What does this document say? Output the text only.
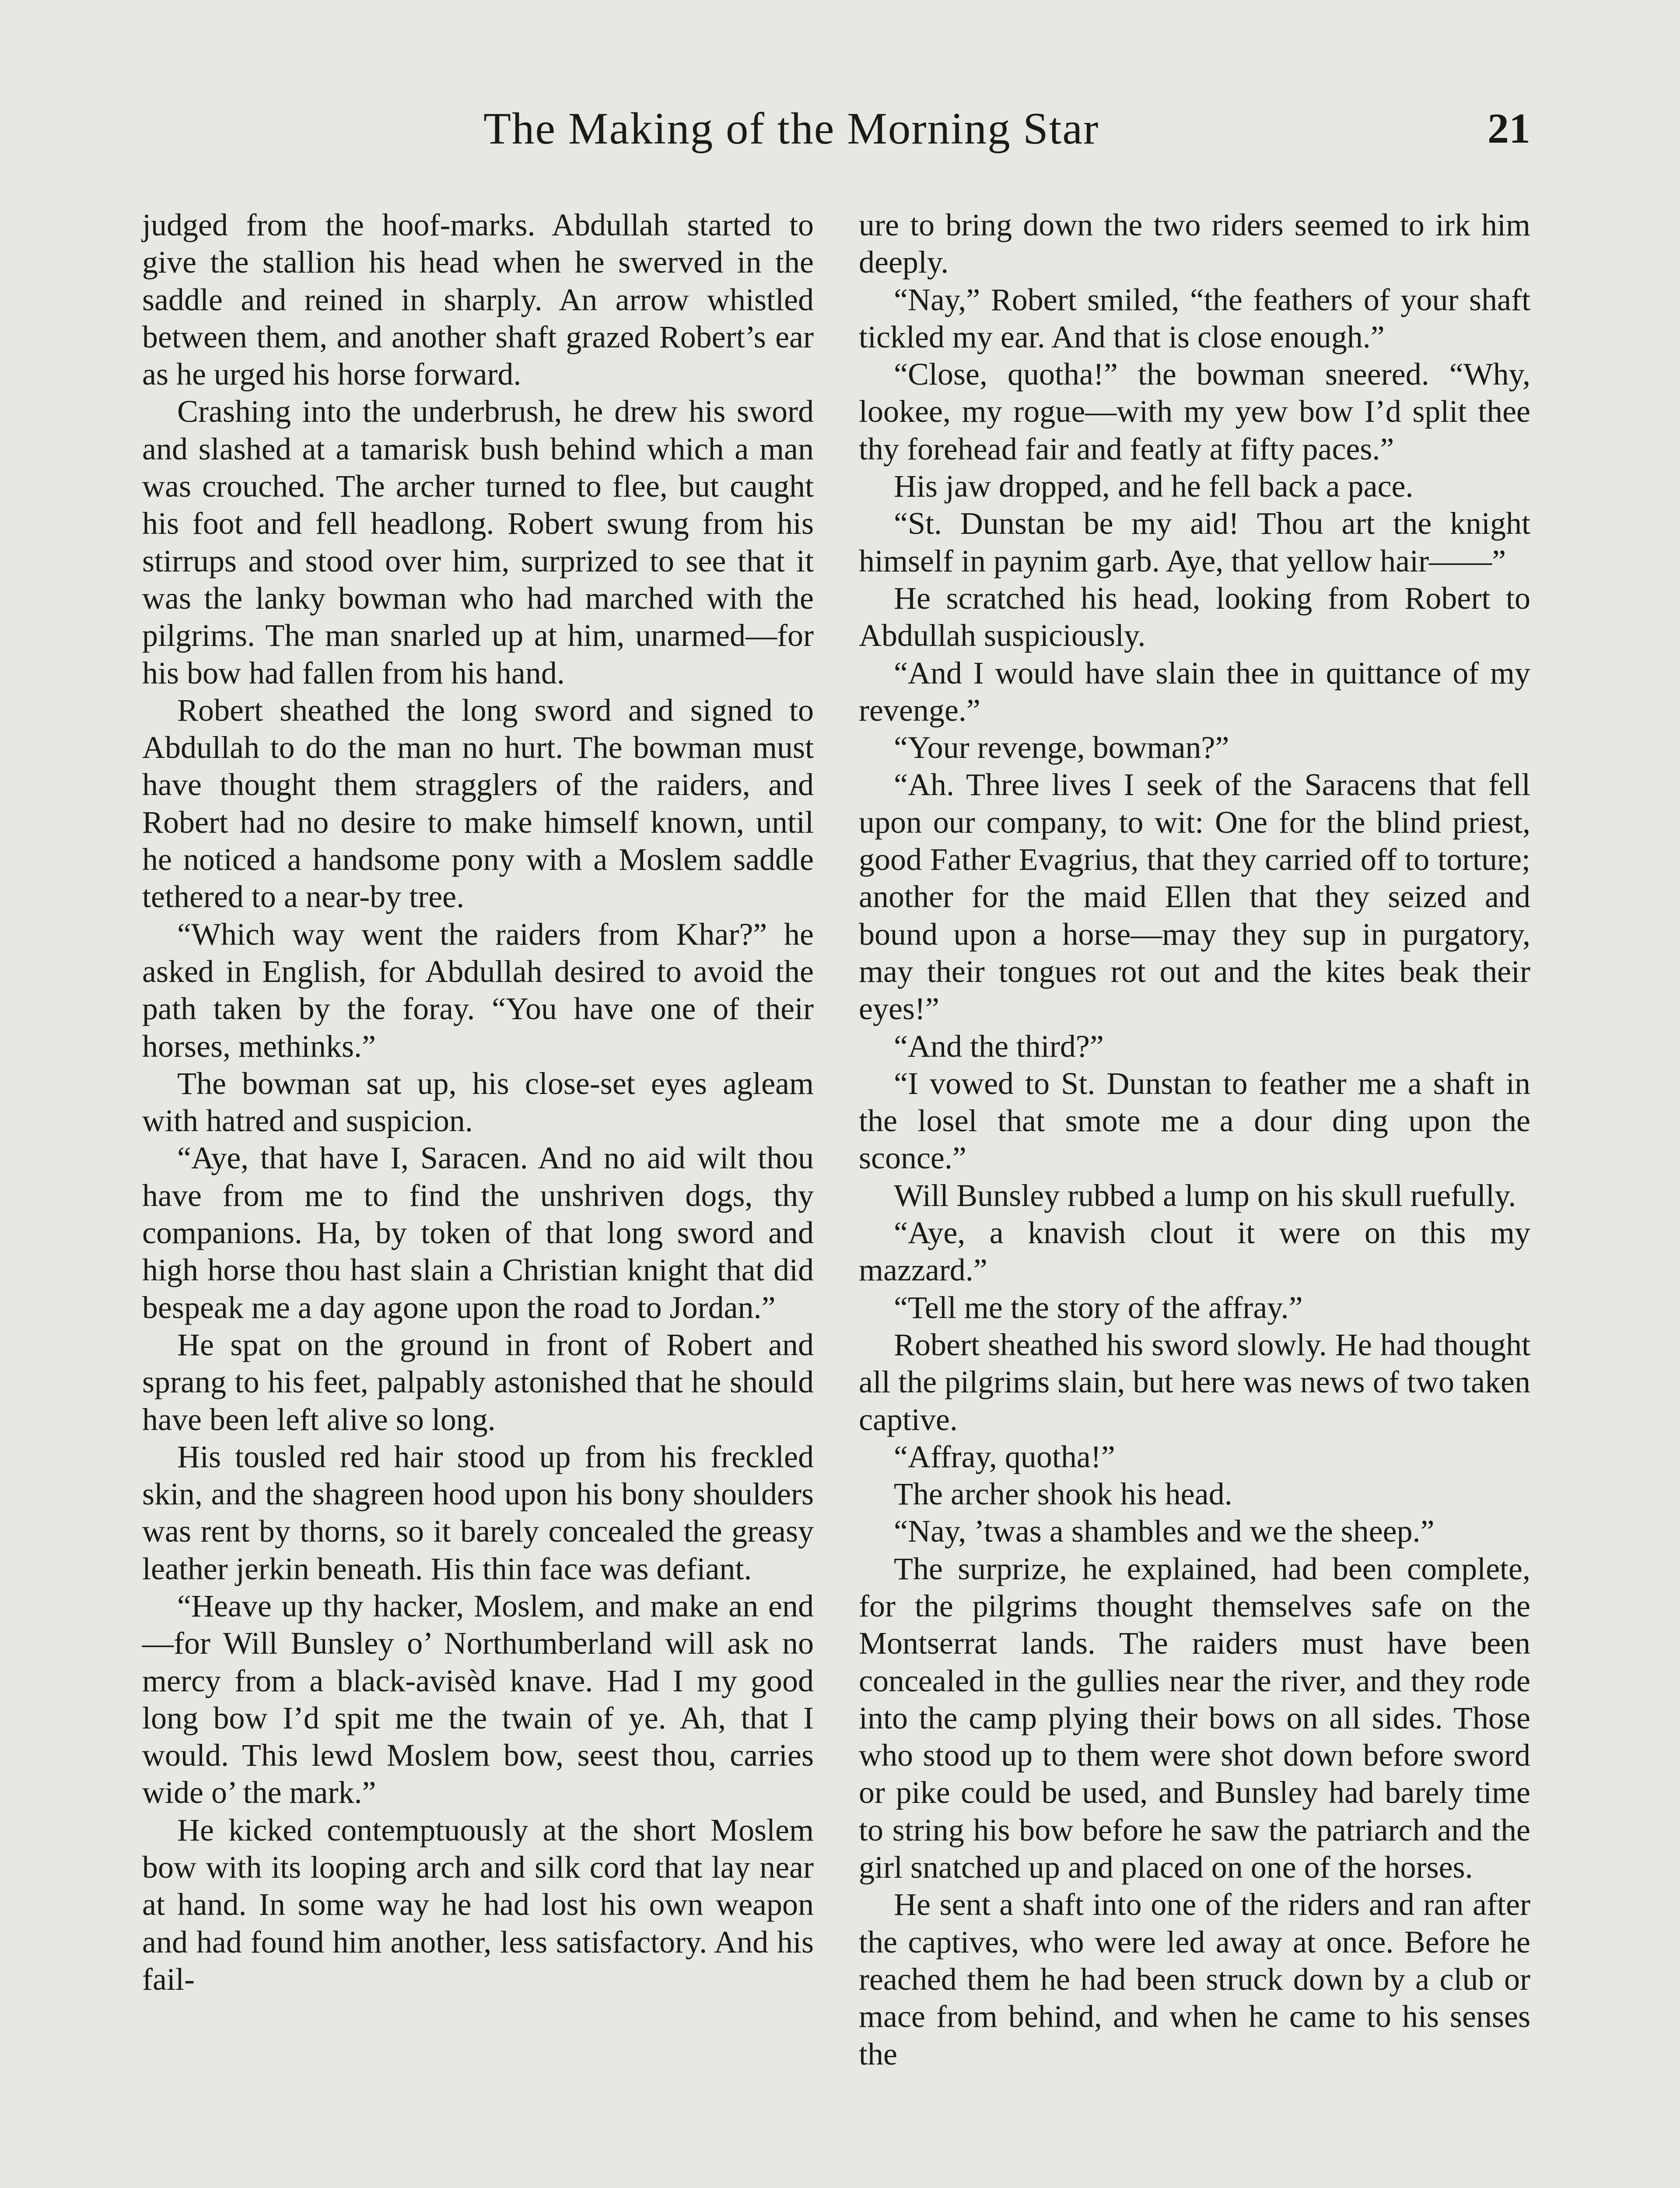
The Making of the Morning Star	21

judged from the hoof-marks. Abdullah started to give the stallion his head when he swerved in the saddle and reined in sharply. An arrow whistled between them, and another shaft grazed Robert’s ear as he urged his horse forward.

Crashing into the underbrush, he drew his sword and slashed at a tamarisk bush behind which a man was crouched. The archer turned to flee, but caught his foot and fell headlong. Robert swung from his stirrups and stood over him, surprized to see that it was the lanky bowman who had marched with the pilgrims. The man snarled up at him, unarmed—for his bow had fallen from his hand.

Robert sheathed the long sword and signed to Abdullah to do the man no hurt. The bowman must have thought them stragglers of the raiders, and Robert had no desire to make himself known, until he noticed a handsome pony with a Moslem saddle tethered to a near-by tree.

“Which way went the raiders from Khar?” he asked in English, for Abdullah desired to avoid the path taken by the foray. “You have one of their horses, methinks.”

The bowman sat up, his close-set eyes agleam with hatred and suspicion.

“Aye, that have I, Saracen. And no aid wilt thou have from me to find the unshriven dogs, thy companions. Ha, by token of that long sword and high horse thou hast slain a Christian knight that did bespeak me a day agone upon the road to Jordan.”

He spat on the ground in front of Robert and sprang to his feet, palpably astonished that he should have been left alive so long.

His tousled red hair stood up from his freckled skin, and the shagreen hood upon his bony shoulders was rent by thorns, so it barely concealed the greasy leather jerkin beneath. His thin face was defiant.

“Heave up thy hacker, Moslem, and make an end—for Will Bunsley o’ Northumberland will ask no mercy from a black-avisèd knave. Had I my good long bow I’d spit me the twain of ye. Ah, that I would. This lewd Moslem bow, seest thou, carries wide o’ the mark.”

He kicked contemptuously at the short Moslem bow with its looping arch and silk cord that lay near at hand. In some way he had lost his own weapon and had found him another, less satisfactory. And his fail-

ure to bring down the two riders seemed to irk him deeply.

“Nay,” Robert smiled, “the feathers of your shaft tickled my ear. And that is close enough.”

“Close, quotha!” the bowman sneered. “Why, lookee, my rogue—with my yew bow I’d split thee thy forehead fair and featly at fifty paces.”

His jaw dropped, and he fell back a pace.

“St. Dunstan be my aid! Thou art the knight himself in paynim garb. Aye, that yellow hair——”

He scratched his head, looking from Robert to Abdullah suspiciously.

“And I would have slain thee in quittance of my revenge.”

“Your revenge, bowman?”

“Ah. Three lives I seek of the Saracens that fell upon our company, to wit: One for the blind priest, good Father Evagrius, that they carried off to torture; another for the maid Ellen that they seized and bound upon a horse—may they sup in purgatory, may their tongues rot out and the kites beak their eyes!”

“And the third?”

“I vowed to St. Dunstan to feather me a shaft in the losel that smote me a dour ding upon the sconce.”

Will Bunsley rubbed a lump on his skull ruefully.

“Aye, a knavish clout it were on this my mazzard.”

“Tell me the story of the affray.”

Robert sheathed his sword slowly. He had thought all the pilgrims slain, but here was news of two taken captive.

“Affray, quotha!”

The archer shook his head.

“Nay, ’twas a shambles and we the sheep.”

The surprize, he explained, had been complete, for the pilgrims thought themselves safe on the Montserrat lands. The raiders must have been concealed in the gullies near the river, and they rode into the camp plying their bows on all sides. Those who stood up to them were shot down before sword or pike could be used, and Bunsley had barely time to string his bow before he saw the patriarch and the girl snatched up and placed on one of the horses.

He sent a shaft into one of the riders and ran after the captives, who were led away at once. Before he reached them he had been struck down by a club or mace from behind, and when he came to his senses the
